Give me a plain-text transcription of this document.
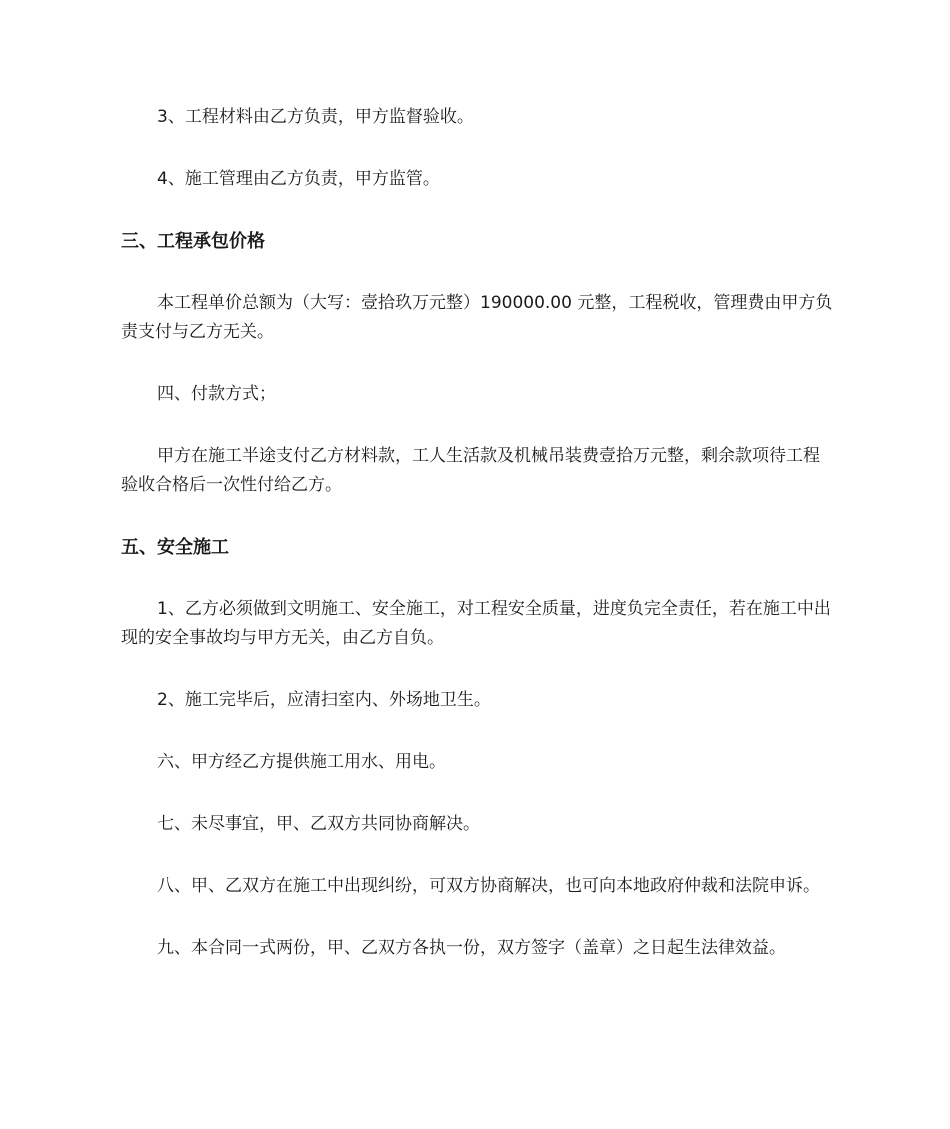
3、工程材料由乙方负责，甲方监督验收。

4、施工管理由乙方负责，甲方监管。

三、工程承包价格

本工程单价总额为（大写：壹拾玖万元整）190000.00 元整，工程税收，管理费由甲方负责支付与乙方无关。

四、付款方式；

甲方在施工半途支付乙方材料款，工人生活款及机械吊装费壹拾万元整，剩余款项待工程验收合格后一次性付给乙方。

五、安全施工

1、乙方必须做到文明施工、安全施工，对工程安全质量，进度负完全责任，若在施工中出现的安全事故均与甲方无关，由乙方自负。

2、施工完毕后，应清扫室内、外场地卫生。

六、甲方经乙方提供施工用水、用电。

七、未尽事宜，甲、乙双方共同协商解决。

八、甲、乙双方在施工中出现纠纷，可双方协商解决，也可向本地政府仲裁和法院申诉。

九、本合同一式两份，甲、乙双方各执一份，双方签字（盖章）之日起生法律效益。
